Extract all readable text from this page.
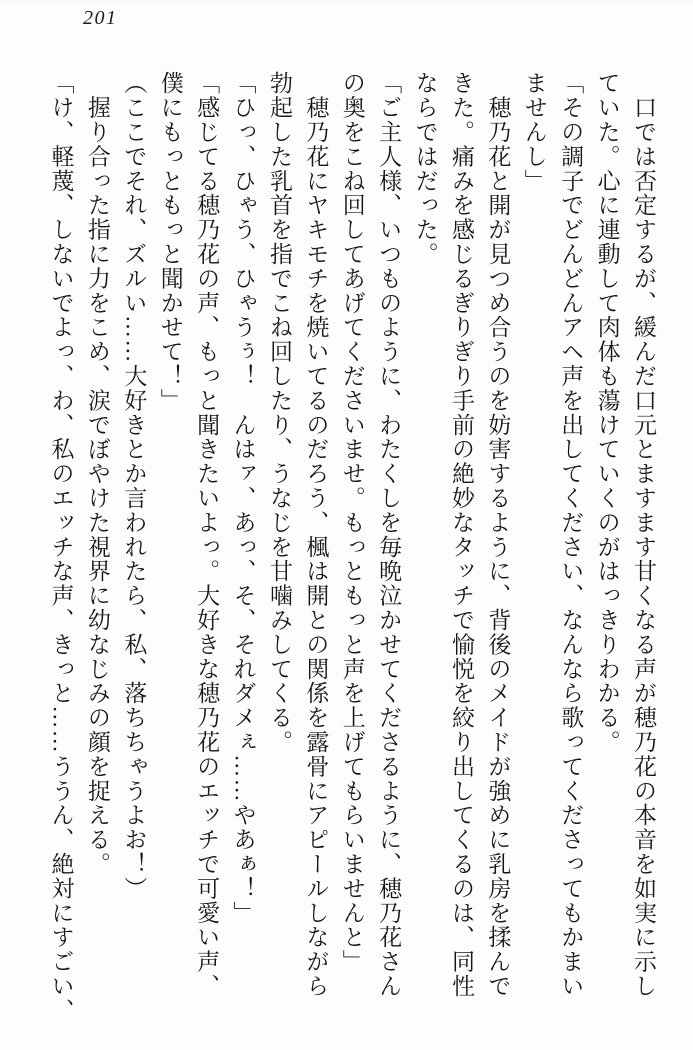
201

　口では否定するが、緩んだ口元とますます甘くなる声が穂乃花の本音を如実に示し

ていた。心に連動して肉体も蕩けていくのがはっきりわかる。

「その調子でどんどんアヘ声を出してください、なんなら歌ってくださってもかまい

ませんし」

　穂乃花と開が見つめ合うのを妨害するように、背後のメイドが強めに乳房を揉んで

きた。痛みを感じるぎりぎり手前の絶妙なタッチで愉悦を絞り出してくるのは、同性

ならではだった。

「ご主人様、いつものように、わたくしを毎晩泣かせてくださるように、穂乃花さん

の奥をこね回してあげてくださいませ。もっともっと声を上げてもらいませんと」

　穂乃花にヤキモチを焼いてるのだろう、楓は開との関係を露骨にアピールしながら

勃起した乳首を指でこね回したり、うなじを甘噛みしてくる。

「ひっ、ひゃう、ひゃうぅ！　んはァ、あっ、そ、それダメぇ……やあぁ！」

「感じてる穂乃花の声、もっと聞きたいよっ。大好きな穂乃花のエッチで可愛い声、

僕にもっともっと聞かせて！」

（ここでそれ、ズルい……大好きとか言われたら、私、落ちちゃうよお！）

　握り合った指に力をこめ、涙でぼやけた視界に幼なじみの顔を捉える。

「け、軽蔑、しないでよっ、わ、私のエッチな声、きっと……ううん、絶対にすごい、
